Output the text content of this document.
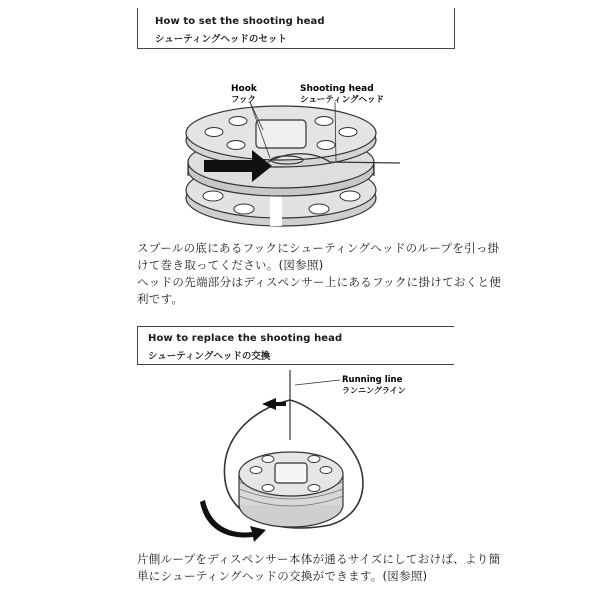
How to set the shooting head
シューティングヘッドのセット
Hook
フック
Shooting head
シューティングヘッド
Running line
ランニングライン
スプールの底にあるフックにシューティングヘッドのループを引っ掛
けて巻き取ってください。(図参照)
ヘッドの先端部分はディスペンサー上にあるフックに掛けておくと便
利です。
How to replace the shooting head
シューティングヘッドの交換
片側ループをディスペンサー本体が通るサイズにしておけば、より簡
単にシューティングヘッドの交換ができます。(図参照)
